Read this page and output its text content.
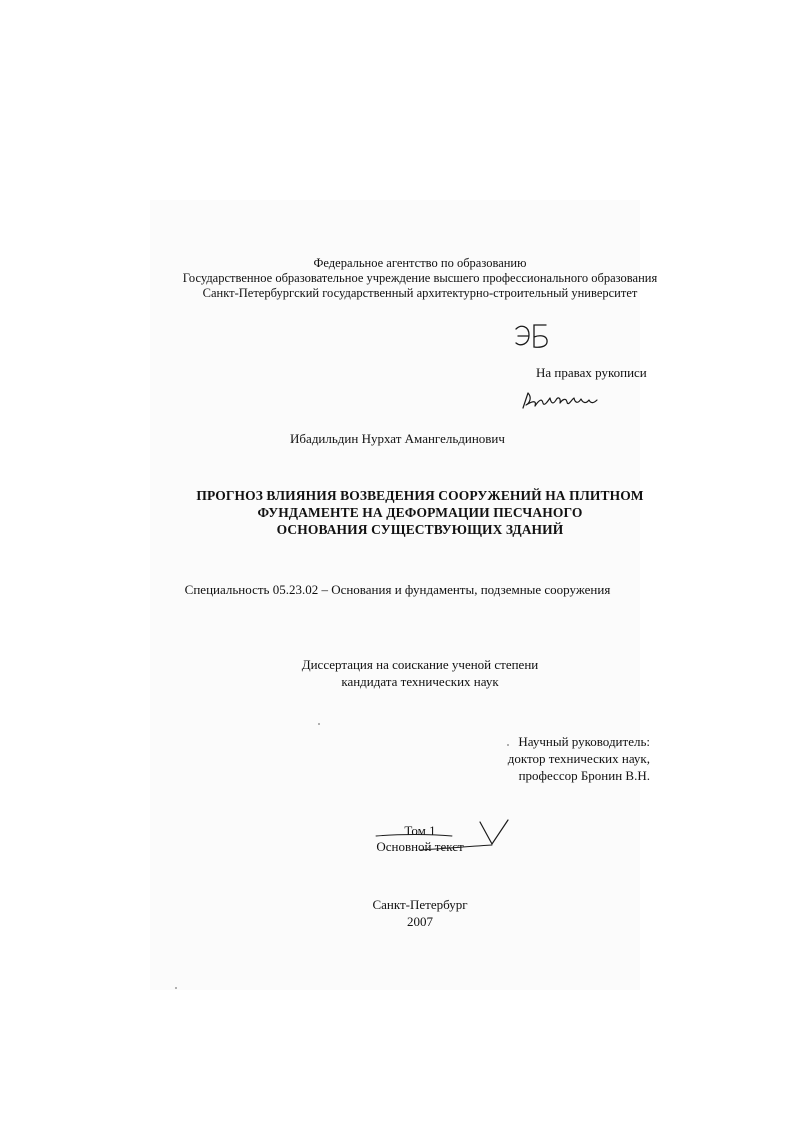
Федеральное агентство по образованию
Государственное образовательное учреждение высшего профессионального образования
Санкт-Петербургский государственный архитектурно-строительный университет
На правах рукописи
Ибадильдин Нурхат Амангельдинович
ПРОГНОЗ ВЛИЯНИЯ ВОЗВЕДЕНИЯ СООРУЖЕНИЙ НА ПЛИТНОМ
ФУНДАМЕНТЕ НА ДЕФОРМАЦИИ ПЕСЧАНОГО
ОСНОВАНИЯ СУЩЕСТВУЮЩИХ ЗДАНИЙ
Специальность 05.23.02 – Основания и фундаменты, подземные сооружения
Диссертация на соискание ученой степени
кандидата технических наук
Научный руководитель:
доктор технических наук,
профессор Бронин В.Н.
Том 1
Основной текст
Санкт-Петербург
2007
